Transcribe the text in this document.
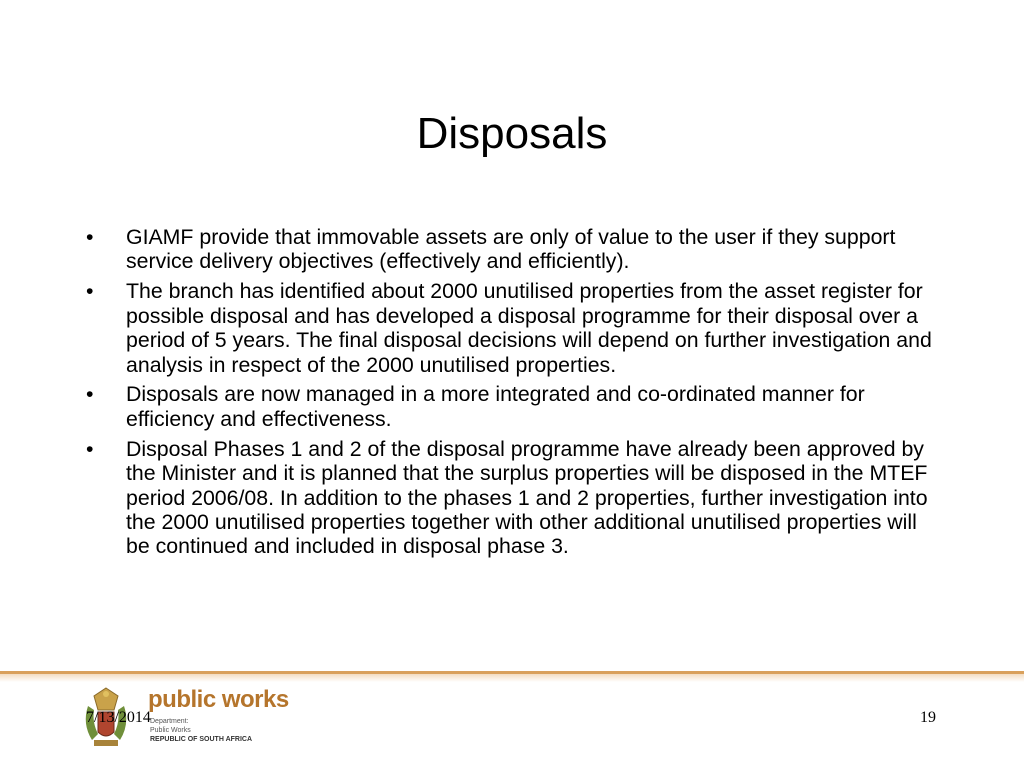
Disposals
•	GIAMF provide that immovable assets are only of value to the user if they support service delivery objectives (effectively and efficiently).
•	The branch has identified about 2000 unutilised properties from the asset register for possible disposal and has developed a disposal programme for their disposal over a period of 5 years. The final disposal decisions will depend on further investigation and analysis in respect of the 2000 unutilised properties.
•	Disposals are now managed in a more integrated and co-ordinated manner for efficiency and effectiveness.
•	Disposal Phases 1 and 2 of the disposal programme have already been approved by the Minister and it is planned that the surplus properties will be disposed in the MTEF period 2006/08. In addition to the phases 1 and 2 properties, further investigation into the 2000 unutilised properties together with other additional unutilised properties will be continued and included in disposal phase 3.
public works
Department:
Public Works
REPUBLIC OF SOUTH AFRICA
7/13/2014	19
